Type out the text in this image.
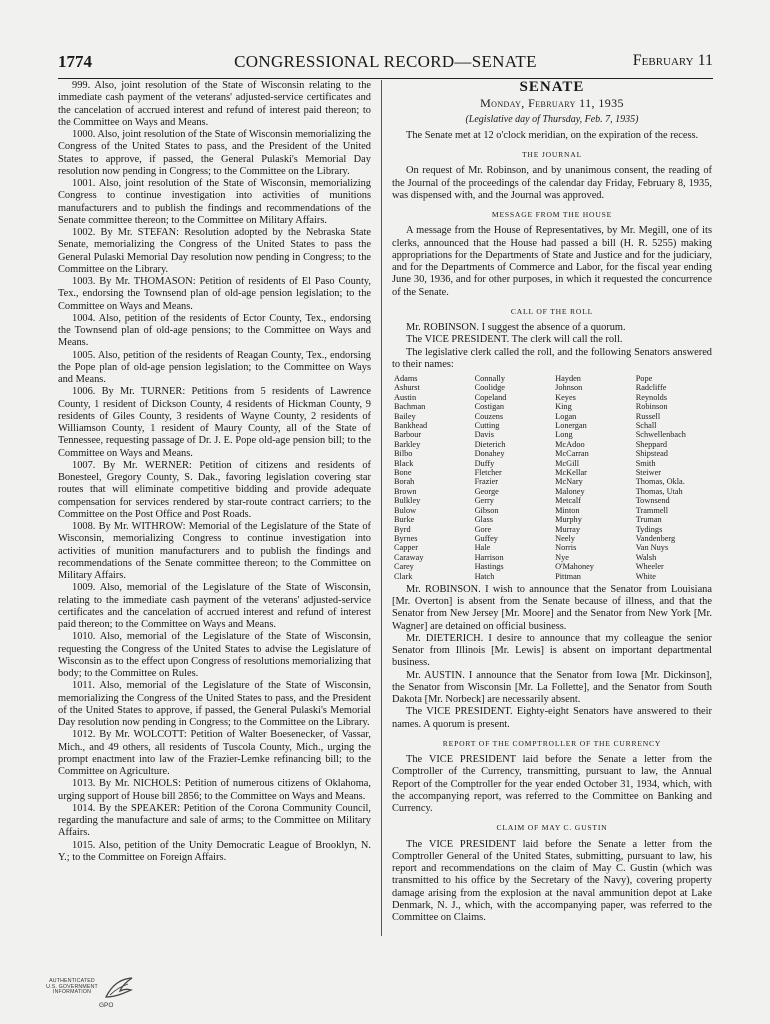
1774	CONGRESSIONAL RECORD—SENATE	February 11

999. Also, joint resolution of the State of Wisconsin relating to the immediate cash payment of the veterans' adjusted-service certificates and the cancelation of accrued interest and refund of interest paid thereon; to the Committee on Ways and Means.

1000. Also, joint resolution of the State of Wisconsin memorializing the Congress of the United States to pass, and the President of the United States to approve, if passed, the General Pulaski's Memorial Day resolution now pending in Congress; to the Committee on the Library.

1001. Also, joint resolution of the State of Wisconsin, memorializing Congress to continue investigation into activities of munitions manufacturers and to publish the findings and recommendations of the Senate committee thereon; to the Committee on Military Affairs.

1002. By Mr. STEFAN: Resolution adopted by the Nebraska State Senate, memorializing the Congress of the United States to pass the General Pulaski Memorial Day resolution now pending in Congress; to the Committee on the Library.

1003. By Mr. THOMASON: Petition of residents of El Paso County, Tex., endorsing the Townsend plan of old-age pension legislation; to the Committee on Ways and Means.

1004. Also, petition of the residents of Ector County, Tex., endorsing the Townsend plan of old-age pensions; to the Committee on Ways and Means.

1005. Also, petition of the residents of Reagan County, Tex., endorsing the Pope plan of old-age pension legislation; to the Committee on Ways and Means.

1006. By Mr. TURNER: Petitions from 5 residents of Lawrence County, 1 resident of Dickson County, 4 residents of Hickman County, 9 residents of Giles County, 3 residents of Wayne County, 2 residents of Williamson County, 1 resident of Maury County, all of the State of Tennessee, requesting passage of Dr. J. E. Pope old-age pension bill; to the Committee on Ways and Means.

1007. By Mr. WERNER: Petition of citizens and residents of Bonesteel, Gregory County, S. Dak., favoring legislation covering star routes that will eliminate competitive bidding and provide adequate compensation for services rendered by star-route contract carriers; to the Committee on the Post Office and Post Roads.

1008. By Mr. WITHROW: Memorial of the Legislature of the State of Wisconsin, memorializing Congress to continue investigation into activities of munition manufacturers and to publish the findings and recommendations of the Senate committee thereon; to the Committee on Military Affairs.

1009. Also, memorial of the Legislature of the State of Wisconsin, relating to the immediate cash payment of the veterans' adjusted-service certificates and the cancelation of accrued interest and refund of interest paid thereon; to the Committee on Ways and Means.

1010. Also, memorial of the Legislature of the State of Wisconsin, requesting the Congress of the United States to advise the Legislature of Wisconsin as to the effect upon Congress of resolutions memorializing that body; to the Committee on Rules.

1011. Also, memorial of the Legislature of the State of Wisconsin, memorializing the Congress of the United States to pass, and the President of the United States to approve, if passed, the General Pulaski's Memorial Day resolution now pending in Congress; to the Committee on the Library.

1012. By Mr. WOLCOTT: Petition of Walter Boesenecker, of Vassar, Mich., and 49 others, all residents of Tuscola County, Mich., urging the prompt enactment into law of the Frazier-Lemke refinancing bill; to the Committee on Agriculture.

1013. By Mr. NICHOLS: Petition of numerous citizens of Oklahoma, urging support of House bill 2856; to the Committee on Ways and Means.

1014. By the SPEAKER: Petition of the Corona Community Council, regarding the manufacture and sale of arms; to the Committee on Military Affairs.

1015. Also, petition of the Unity Democratic League of Brooklyn, N. Y.; to the Committee on Foreign Affairs.

SENATE
Monday, February 11, 1935
(Legislative day of Thursday, Feb. 7, 1935)

The Senate met at 12 o'clock meridian, on the expiration of the recess.

THE JOURNAL

On request of Mr. Robinson, and by unanimous consent, the reading of the Journal of the proceedings of the calendar day Friday, February 8, 1935, was dispensed with, and the Journal was approved.

MESSAGE FROM THE HOUSE

A message from the House of Representatives, by Mr. Megill, one of its clerks, announced that the House had passed a bill (H. R. 5255) making appropriations for the Departments of State and Justice and for the judiciary, and for the Departments of Commerce and Labor, for the fiscal year ending June 30, 1936, and for other purposes, in which it requested the concurrence of the Senate.

CALL OF THE ROLL

Mr. ROBINSON. I suggest the absence of a quorum.

The VICE PRESIDENT. The clerk will call the roll.

The legislative clerk called the roll, and the following Senators answered to their names:

Adams
Ashurst
Austin
Bachman
Bailey
Bankhead
Barbour
Barkley
Bilbo
Black
Bone
Borah
Brown
Bulkley
Bulow
Burke
Byrd
Byrnes
Capper
Caraway
Carey
Clark
Connally
Coolidge
Copeland
Costigan
Couzens
Cutting
Davis
Dieterich
Donahey
Duffy
Fletcher
Frazier
George
Gerry
Gibson
Glass
Gore
Guffey
Hale
Harrison
Hastings
Hatch
Hayden
Johnson
Keyes
King
Logan
Lonergan
Long
McAdoo
McCarran
McGill
McKellar
McNary
Maloney
Metcalf
Minton
Murphy
Murray
Neely
Norris
Nye
O'Mahoney
Pittman
Pope
Radcliffe
Reynolds
Robinson
Russell
Schall
Schwellenbach
Sheppard
Shipstead
Smith
Steiwer
Thomas, Okla.
Thomas, Utah
Townsend
Trammell
Truman
Tydings
Vandenberg
Van Nuys
Walsh
Wheeler
White

Mr. ROBINSON. I wish to announce that the Senator from Louisiana [Mr. Overton] is absent from the Senate because of illness, and that the Senator from New Jersey [Mr. Moore] and the Senator from New York [Mr. Wagner] are detained on official business.

Mr. DIETERICH. I desire to announce that my colleague the senior Senator from Illinois [Mr. Lewis] is absent on important departmental business.

Mr. AUSTIN. I announce that the Senator from Iowa [Mr. Dickinson], the Senator from Wisconsin [Mr. La Follette], and the Senator from South Dakota [Mr. Norbeck] are necessarily absent.

The VICE PRESIDENT. Eighty-eight Senators have answered to their names. A quorum is present.

REPORT OF THE COMPTROLLER OF THE CURRENCY

The VICE PRESIDENT laid before the Senate a letter from the Comptroller of the Currency, transmitting, pursuant to law, the Annual Report of the Comptroller for the year ended October 31, 1934, which, with the accompanying report, was referred to the Committee on Banking and Currency.

CLAIM OF MAY C. GUSTIN

The VICE PRESIDENT laid before the Senate a letter from the Comptroller General of the United States, submitting, pursuant to law, his report and recommendations on the claim of May C. Gustin (which was transmitted to his office by the Secretary of the Navy), covering property damage arising from the explosion at the naval ammunition depot at Lake Denmark, N. J., which, with the accompanying paper, was referred to the Committee on Claims.

AUTHENTICATED
U.S. GOVERNMENT
INFORMATION
GPO
